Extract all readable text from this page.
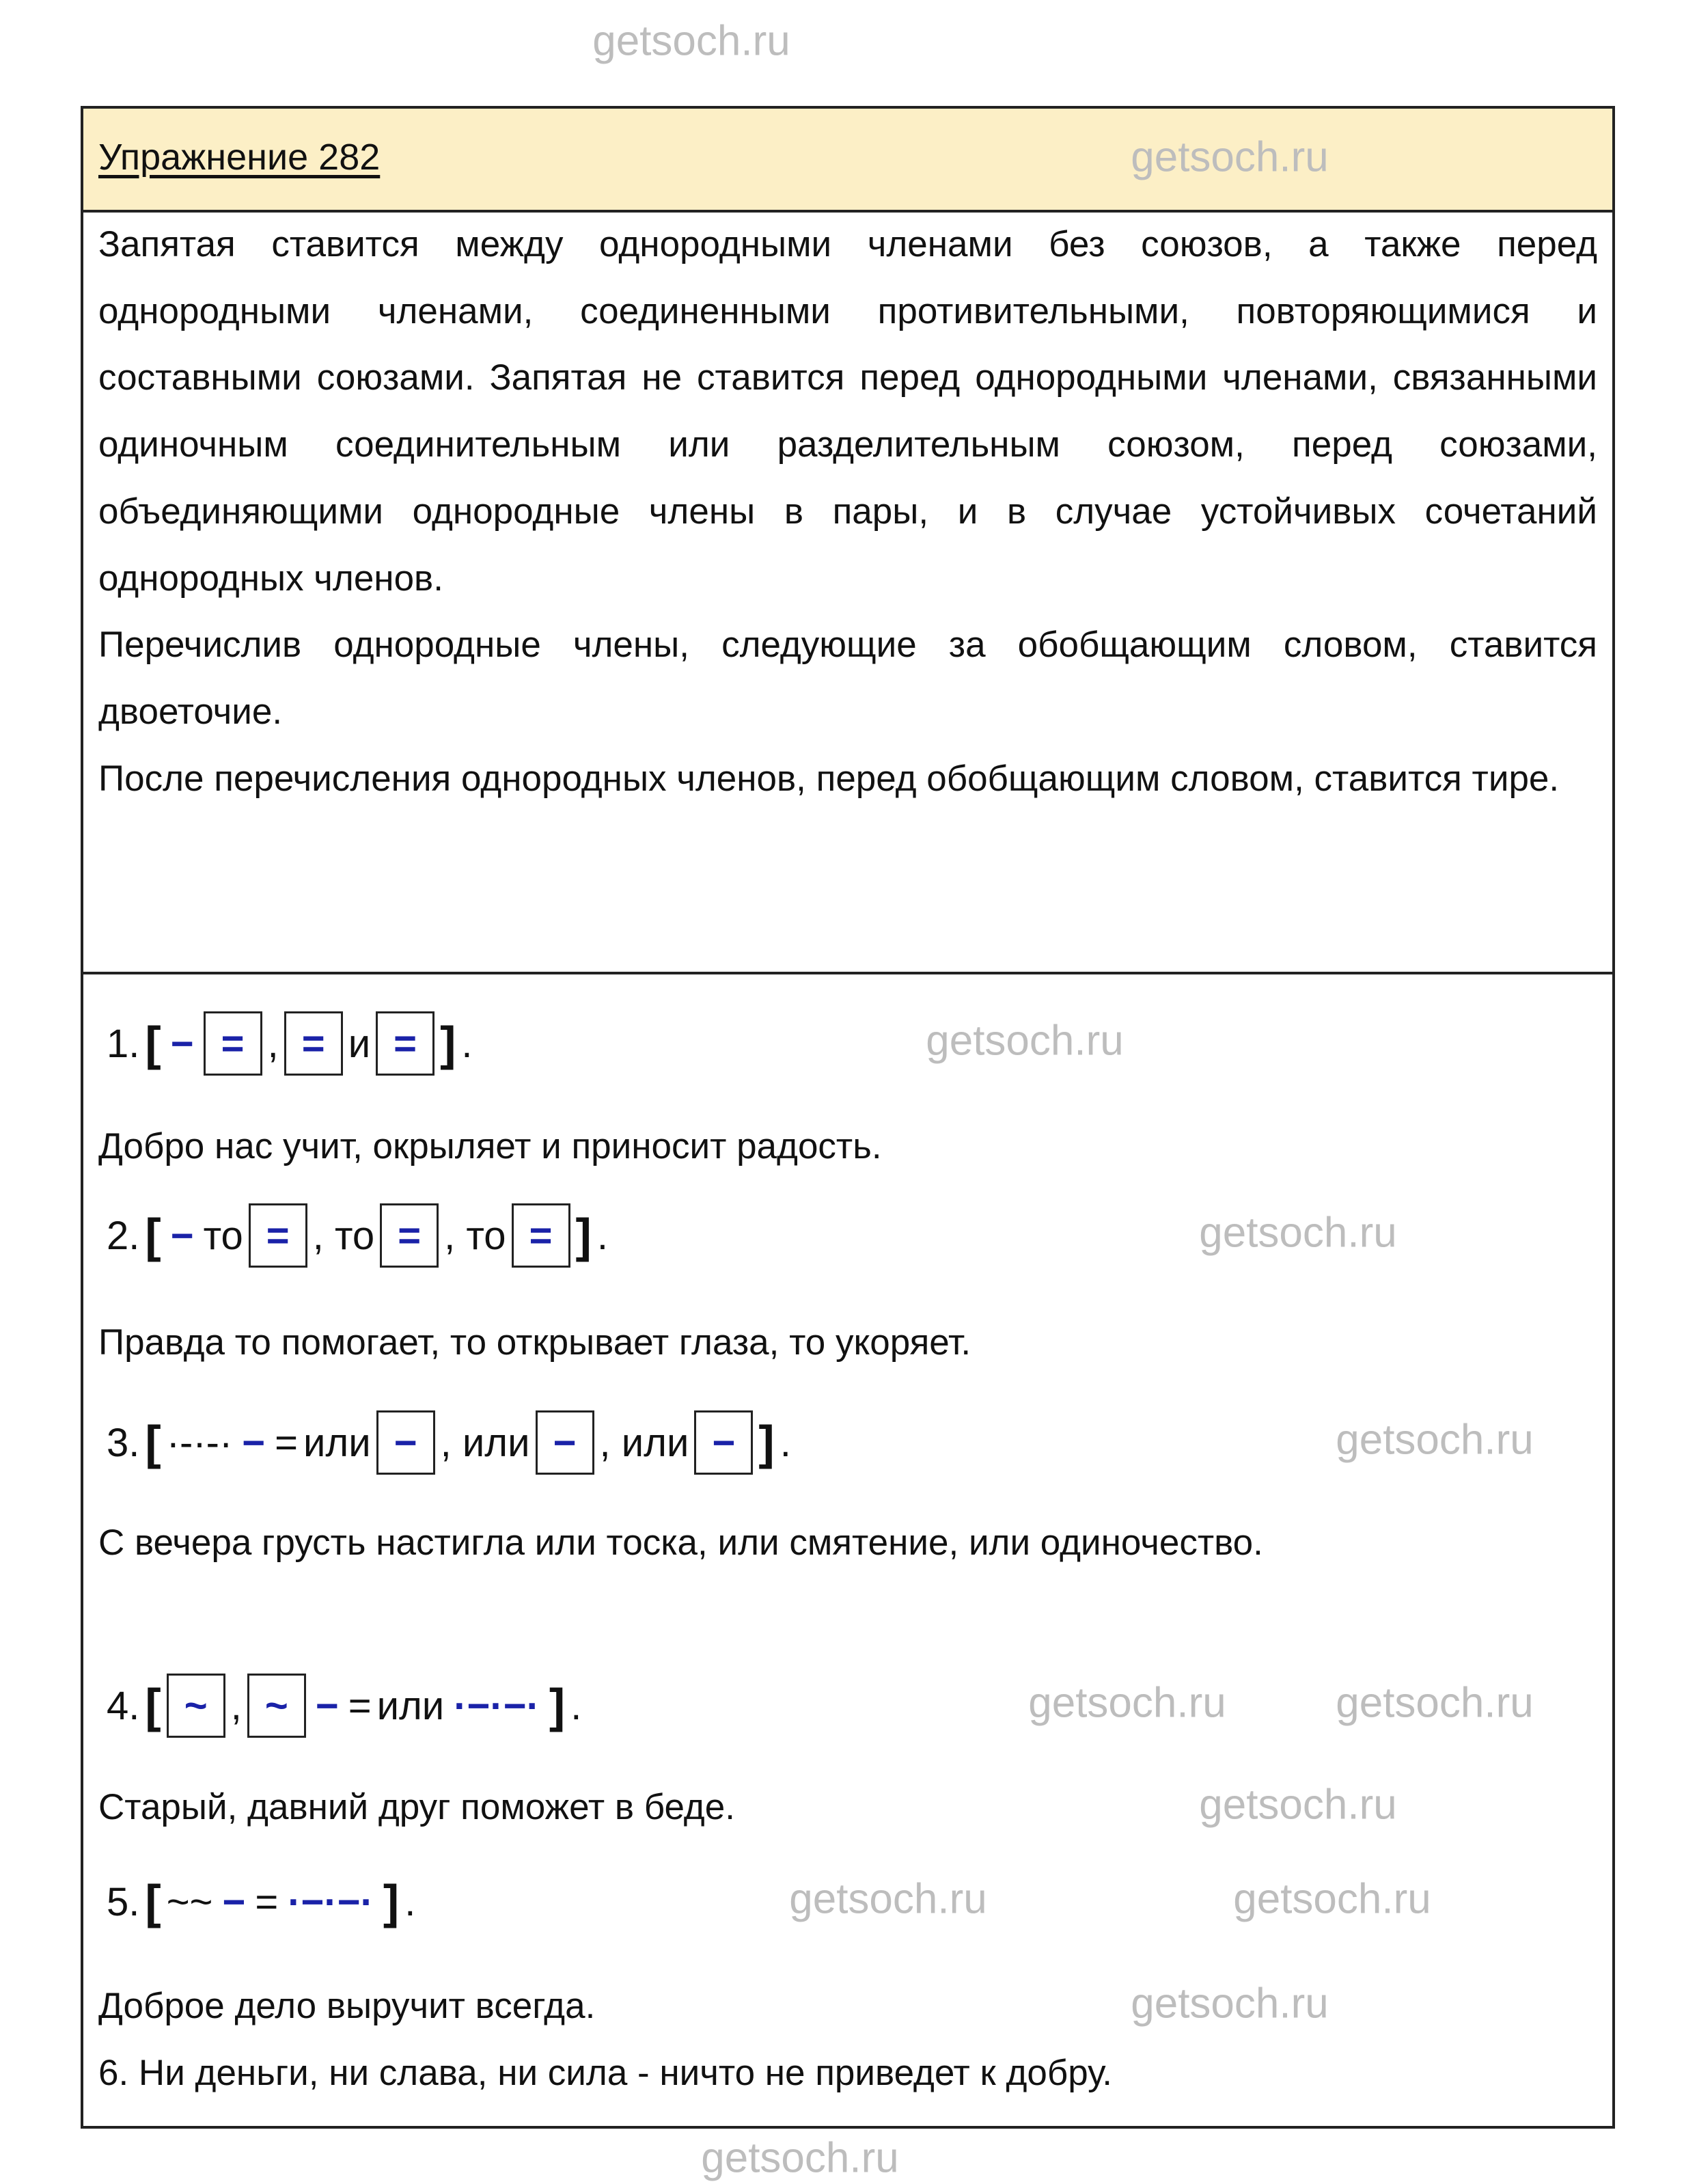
Упражнение 282

Запятая ставится между однородными членами без союзов, а также перед однородными членами, соединенными противительными, повторяющимися и составными союзами. Запятая не ставится перед однородными членами, связанными одиночным соединительным или разделительным союзом, перед союзами, объединяющими однородные члены в пары, и в случае устойчивых сочетаний однородных членов.

Перечислив однородные члены, следующие за обобщающим словом, ставится двоеточие.

После перечисления однородных членов, перед обобщающим словом, ставится тире.

1. [ − = , = и = ] .
Добро нас учит, окрыляет и приносит радость.
2. [ − то = , то = , то = ] .
Правда то помогает, то открывает глаза, то укоряет.
3. [ ·-·-· − = или − , или − , или − ] .
С вечера грусть настигла или тоска, или смятение, или одиночество.
4. [ ~ , ~ − = или ·−·−· ] .
Старый, давний друг поможет в беде.
5. [ ~~ − = ·−·−· ] .
Доброе дело выручит всегда.
6. Ни деньги, ни слава, ни сила - ничто не приведет к добру.
getsoch.ru
getsoch.ru
getsoch.ru
getsoch.ru
getsoch.ru
getsoch.ru	getsoch.ru
getsoch.ru
getsoch.ru	getsoch.ru
getsoch.ru
getsoch.ru
